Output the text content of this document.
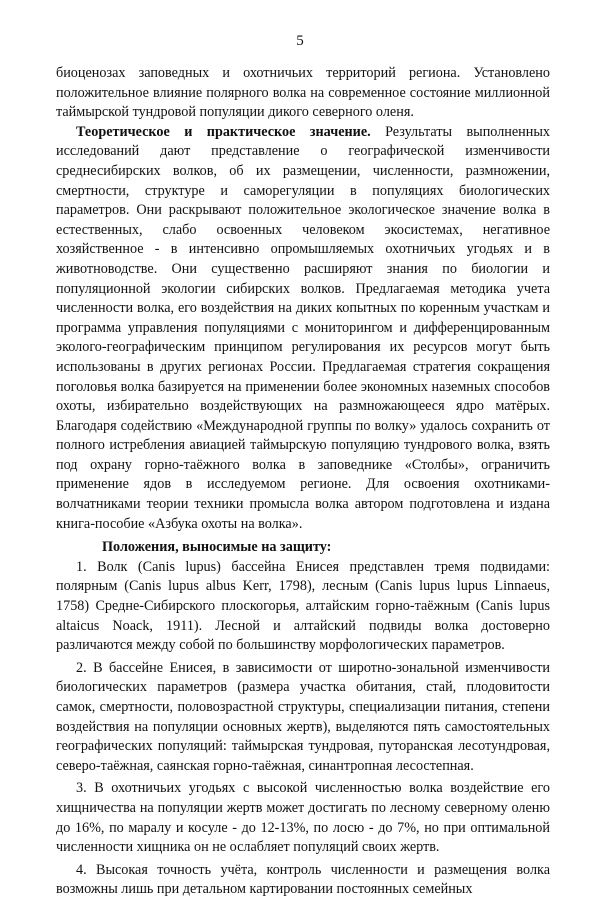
5

биоценозах заповедных и охотничьих территорий региона. Установлено положительное влияние полярного волка на современное состояние миллионной таймырской тундровой популяции дикого северного оленя.

Теоретическое и практическое значение. Результаты выполненных исследований дают представление о географической изменчивости среднесибирских волков, об их размещении, численности, размножении, смертности, структуре и саморегуляции в популяциях биологических параметров. Они раскрывают положительное экологическое значение волка в естественных, слабо освоенных человеком экосистемах, негативное хозяйственное - в интенсивно опромышляемых охотничьих угодьях и в животноводстве. Они существенно расширяют знания по биологии и популяционной экологии сибирских волков. Предлагаемая методика учета численности волка, его воздействия на диких копытных по коренным участкам и программа управления популяциями с мониторингом и дифференцированным эколого-географическим принципом регулирования их ресурсов могут быть использованы в других регионах России. Предлагаемая стратегия сокращения поголовья волка базируется на применении более экономных наземных способов охоты, избирательно воздействующих на размножающееся ядро матёрых. Благодаря содействию «Международной группы по волку» удалось сохранить от полного истребления авиацией таймырскую популяцию тундрового волка, взять под охрану горно-таёжного волка в заповеднике «Столбы», ограничить применение ядов в исследуемом регионе. Для освоения охотниками-волчатниками теории техники промысла волка автором подготовлена и издана книга-пособие «Азбука охоты на волка».

Положения, выносимые на защиту:

1. Волк (Canis lupus) бассейна Енисея представлен тремя подвидами: полярным (Canis lupus albus Kerr, 1798), лесным (Canis lupus lupus Linnaeus, 1758) Средне-Сибирского плоскогорья, алтайским горно-таёжным (Canis lupus altaicus Noack, 1911). Лесной и алтайский подвиды волка достоверно различаются между собой по большинству морфологических параметров.

2. В бассейне Енисея, в зависимости от широтно-зональной изменчивости биологических параметров (размера участка обитания, стай, плодовитости самок, смертности, половозрастной структуры, специализации питания, степени воздействия на популяции основных жертв), выделяются пять самостоятельных географических популяций: таймырская тундровая, путоранская лесотундровая, северо-таёжная, саянская горно-таёжная, синантропная лесостепная.

3. В охотничьих угодьях с высокой численностью волка воздействие его хищничества на популяции жертв может достигать по лесному северному оленю до 16%, по маралу и косуле - до 12-13%, по лосю - до 7%, но при оптимальной численности хищника он не ослабляет популяций своих жертв.

4. Высокая точность учёта, контроль численности и размещения волка возможны лишь при детальном картировании постоянных семейных
